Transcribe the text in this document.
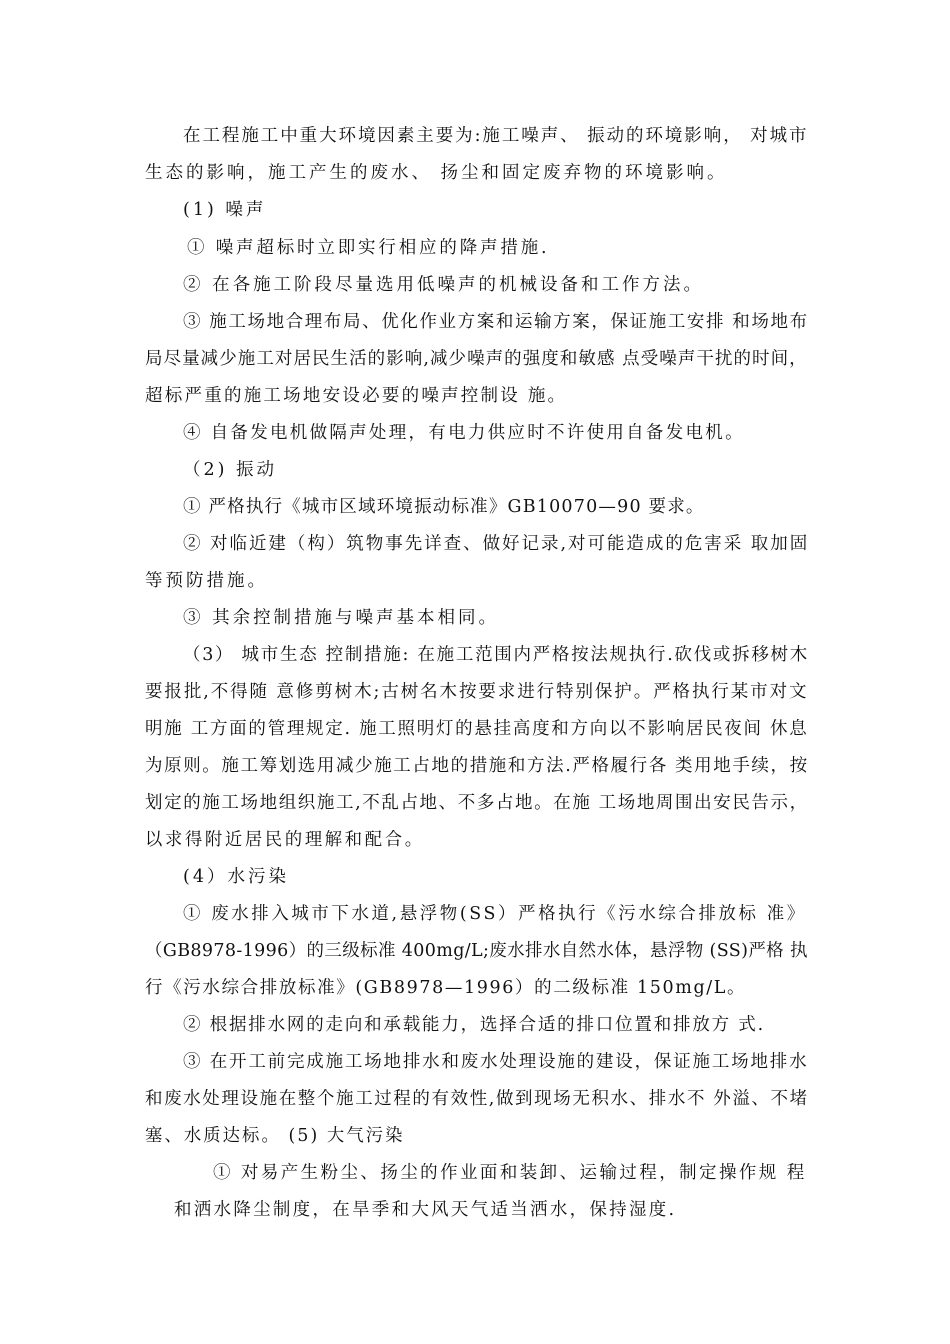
在工程施工中重大环境因素主要为:施工噪声、 振动的环境影响， 对城市
生态的影响，施工产生的废水、 扬尘和固定废弃物的环境影响。
(1) 噪声
① 噪声超标时立即实行相应的降声措施.
② 在各施工阶段尽量选用低噪声的机械设备和工作方法。
③ 施工场地合理布局、优化作业方案和运输方案，保证施工安排 和场地布
局尽量减少施工对居民生活的影响,减少噪声的强度和敏感 点受噪声干扰的时间，
超标严重的施工场地安设必要的噪声控制设 施。
④ 自备发电机做隔声处理，有电力供应时不许使用自备发电机。
（2) 振动
① 严格执行《城市区域环境振动标准》GB10070—90 要求。
② 对临近建（构）筑物事先详查、做好记录,对可能造成的危害采 取加固
等预防措施。
③ 其余控制措施与噪声基本相同。
（3） 城市生态 控制措施: 在施工范围内严格按法规执行.砍伐或拆移树木
要报批,不得随 意修剪树木;古树名木按要求进行特别保护。严格执行某市对文
明施 工方面的管理规定. 施工照明灯的悬挂高度和方向以不影响居民夜间 休息
为原则。施工筹划选用减少施工占地的措施和方法.严格履行各 类用地手续，按
划定的施工场地组织施工,不乱占地、不多占地。在施 工场地周围出安民告示，
以求得附近居民的理解和配合。
(4）水污染
① 废水排入城市下水道,悬浮物(SS）严格执行《污水综合排放标 准》
（GB8978-1996）的三级标准 400mg/L;废水排水自然水体，悬浮物 (SS)严格 执
行《污水综合排放标准》(GB8978—1996）的二级标准 150mg/L。
② 根据排水网的走向和承载能力，选择合适的排口位置和排放方 式.
③ 在开工前完成施工场地排水和废水处理设施的建设，保证施工场地排水
和废水处理设施在整个施工过程的有效性,做到现场无积水、排水不 外溢、不堵
塞、水质达标。 (5) 大气污染
① 对易产生粉尘、扬尘的作业面和装卸、运输过程，制定操作规 程
和洒水降尘制度，在旱季和大风天气适当洒水，保持湿度.
